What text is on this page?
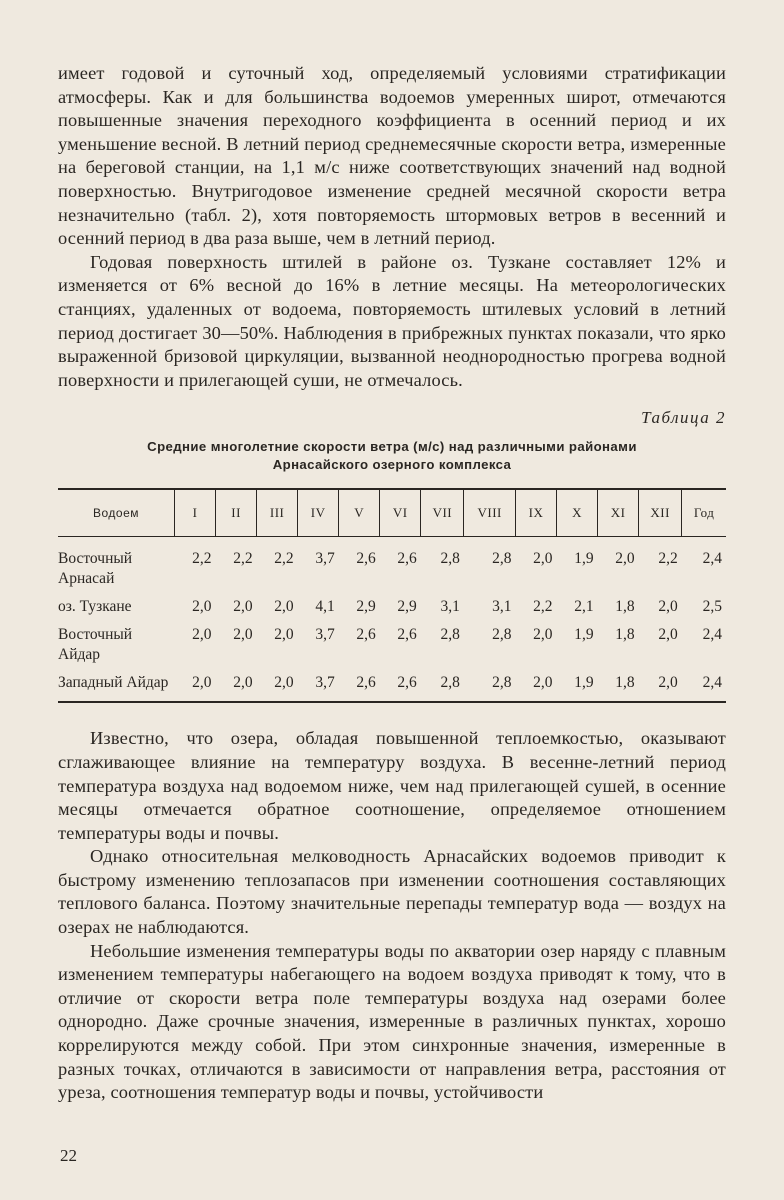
имеет годовой и суточный ход, определяемый условиями стратификации атмосферы. Как и для большинства водоемов умеренных широт, отмечаются повышенные значения переходного коэффициента в осенний период и их уменьшение весной. В летний период среднемесячные скорости ветра, измеренные на береговой станции, на 1,1 м/с ниже соответствующих значений над водной поверхностью. Внутригодовое изменение средней месячной скорости ветра незначительно (табл. 2), хотя повторяемость штормовых ветров в весенний и осенний период в два раза выше, чем в летний период.

Годовая поверхность штилей в районе оз. Тузкане составляет 12% и изменяется от 6% весной до 16% в летние месяцы. На метеорологических станциях, удаленных от водоема, повторяемость штилевых условий в летний период достигает 30—50%. Наблюдения в прибрежных пунктах показали, что ярко выраженной бризовой циркуляции, вызванной неоднородностью прогрева водной поверхности и прилегающей суши, не отмечалось.

Таблица 2

Средние многолетние скорости ветра (м/с) над различными районами
Арнасайского озерного комплекса
Водоем	I	II	III	IV	V	VI	VII	VIII	IX	X	XI	XII	Год
Восточный Арнасай	2,2	2,2	2,2	3,7	2,6	2,6	2,8	2,8	2,0	1,9	2,0	2,2	2,4
оз. Тузкане	2,0	2,0	2,0	4,1	2,9	2,9	3,1	3,1	2,2	2,1	1,8	2,0	2,5
Восточный Айдар	2,0	2,0	2,0	3,7	2,6	2,6	2,8	2,8	2,0	1,9	1,8	2,0	2,4
Западный Айдар	2,0	2,0	2,0	3,7	2,6	2,6	2,8	2,8	2,0	1,9	1,8	2,0	2,4

Известно, что озера, обладая повышенной теплоемкостью, оказывают сглаживающее влияние на температуру воздуха. В весенне-летний период температура воздуха над водоемом ниже, чем над прилегающей сушей, в осенние месяцы отмечается обратное соотношение, определяемое отношением температуры воды и почвы.

Однако относительная мелководность Арнасайских водоемов приводит к быстрому изменению теплозапасов при изменении соотношения составляющих теплового баланса. Поэтому значительные перепады температур вода — воздух на озерах не наблюдаются.

Небольшие изменения температуры воды по акватории озер наряду с плавным изменением температуры набегающего на водоем воздуха приводят к тому, что в отличие от скорости ветра поле температуры воздуха над озерами более однородно. Даже срочные значения, измеренные в различных пунктах, хорошо коррелируются между собой. При этом синхронные значения, измеренные в разных точках, отличаются в зависимости от направления ветра, расстояния от уреза, соотношения температур воды и почвы, устойчивости

22
